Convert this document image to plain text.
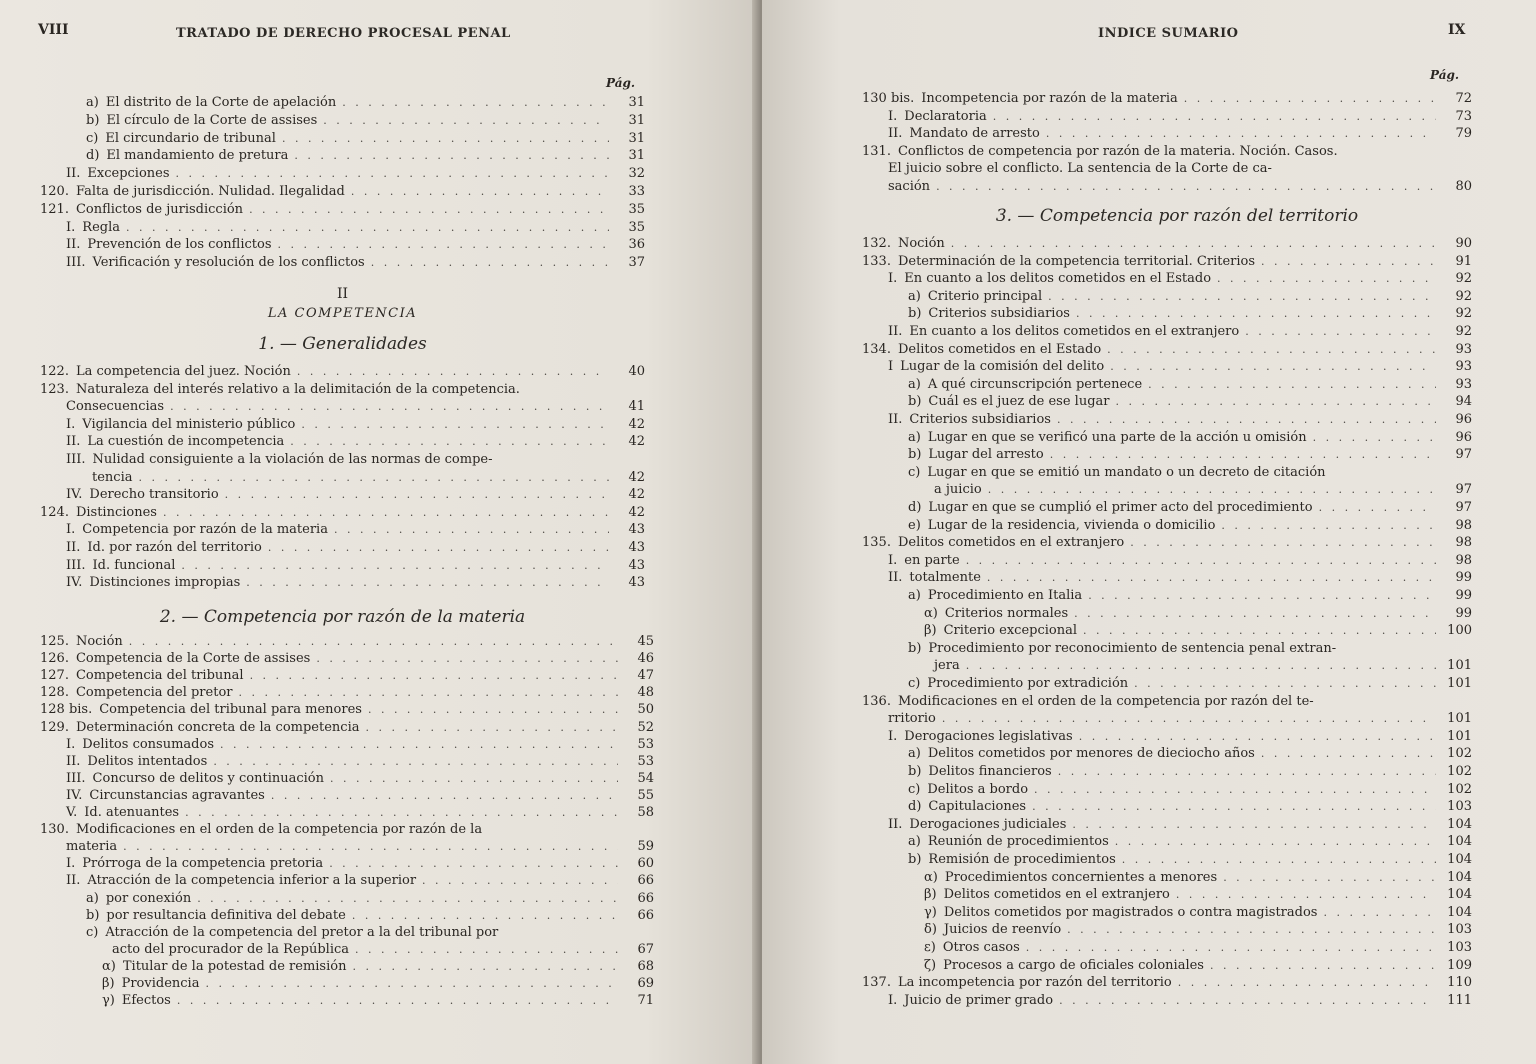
VIII	TRATADO DE DERECHO PROCESAL PENAL
Pág.
a) El distrito de la Corte de apelación . . .	31
b) El círculo de la Corte de assises . . .	31
c) El circundario de tribunal . . .	31
d) El mandamiento de pretura . . .	31
II. Excepciones . . .	32
120. Falta de jurisdicción. Nulidad. Ilegalidad . . .	33
121. Conflictos de jurisdicción . . .	35
I. Regla . . .	35
II. Prevención de los conflictos . . .	36
III. Verificación y resolución de los conflictos . . .	37
II
LA COMPETENCIA
1. — Generalidades
122. La competencia del juez. Noción . . .	40
123. Naturaleza del interés relativo a la delimitación de la competencia.
Consecuencias . . .	41
I. Vigilancia del ministerio público . . .	42
II. La cuestión de incompetencia . . .	42
III. Nulidad consiguiente a la violación de las normas de compe-
tencia . . .	42
IV. Derecho transitorio . . .	42
124. Distinciones . . .	42
I. Competencia por razón de la materia . . .	43
II. Id. por razón del territorio . . .	43
III. Id. funcional . . .	43
IV. Distinciones impropias . . .	43
2. — Competencia por razón de la materia
125. Noción . . .	45
126. Competencia de la Corte de assises . . .	46
127. Competencia del tribunal . . .	47
128. Competencia del pretor . . .	48
128 bis. Competencia del tribunal para menores . . .	50
129. Determinación concreta de la competencia . . .	52
I. Delitos consumados . . .	53
II. Delitos intentados . . .	53
III. Concurso de delitos y continuación . . .	54
IV. Circunstancias agravantes . . .	55
V. Id. atenuantes . . .	58
130. Modificaciones en el orden de la competencia por razón de la
materia . . .	59
I. Prórroga de la competencia pretoria . . .	60
II. Atracción de la competencia inferior a la superior . . .	66
a) por conexión . . .	66
b) por resultancia definitiva del debate . . .	66
c) Atracción de la competencia del pretor a la del tribunal por
acto del procurador de la República . . .	67
α) Titular de la potestad de remisión . . .	68
β) Providencia . . .	69
γ) Efectos . . .	71
INDICE SUMARIO	IX
Pág.
130 bis. Incompetencia por razón de la materia . . .	72
I. Declaratoria . . .	73
II. Mandato de arresto . . .	79
131. Conflictos de competencia por razón de la materia. Noción. Casos.
El juicio sobre el conflicto. La sentencia de la Corte de ca-
sación . . .	80
3. — Competencia por razón del territorio
132. Noción . . .	90
133. Determinación de la competencia territorial. Criterios . . .	91
I. En cuanto a los delitos cometidos en el Estado . . .	92
a) Criterio principal . . .	92
b) Criterios subsidiarios . . .	92
II. En cuanto a los delitos cometidos en el extranjero . . .	92
134. Delitos cometidos en el Estado . . .	93
I Lugar de la comisión del delito . . .	93
a) A qué circunscripción pertenece . . .	93
b) Cuál es el juez de ese lugar . . .	94
II. Criterios subsidiarios . . .	96
a) Lugar en que se verificó una parte de la acción u omisión . . .	96
b) Lugar del arresto . . .	97
c) Lugar en que se emitió un mandato o un decreto de citación
a juicio . . .	97
d) Lugar en que se cumplió el primer acto del procedimiento . . .	97
e) Lugar de la residencia, vivienda o domicilio . . .	98
135. Delitos cometidos en el extranjero . . .	98
I. en parte . . .	98
II. totalmente . . .	99
a) Procedimiento en Italia . . .	99
α) Criterios normales . . .	99
β) Criterio excepcional . . .	100
b) Procedimiento por reconocimiento de sentencia penal extran-
jera . . .	101
c) Procedimiento por extradición . . .	101
136. Modificaciones en el orden de la competencia por razón del te-
rritorio . . .	101
I. Derogaciones legislativas . . .	101
a) Delitos cometidos por menores de dieciocho años . . .	102
b) Delitos financieros . . .	102
c) Delitos a bordo . . .	102
d) Capitulaciones . . .	103
II. Derogaciones judiciales . . .	104
a) Reunión de procedimientos . . .	104
b) Remisión de procedimientos . . .	104
α) Procedimientos concernientes a menores . . .	104
β) Delitos cometidos en el extranjero . . .	104
γ) Delitos cometidos por magistrados o contra magistrados . . .	104
δ) Juicios de reenvío . . .	103
ε) Otros casos . . .	103
ζ) Procesos a cargo de oficiales coloniales . . .	109
137. La incompetencia por razón del territorio . . .	110
I. Juicio de primer grado . . .	111
